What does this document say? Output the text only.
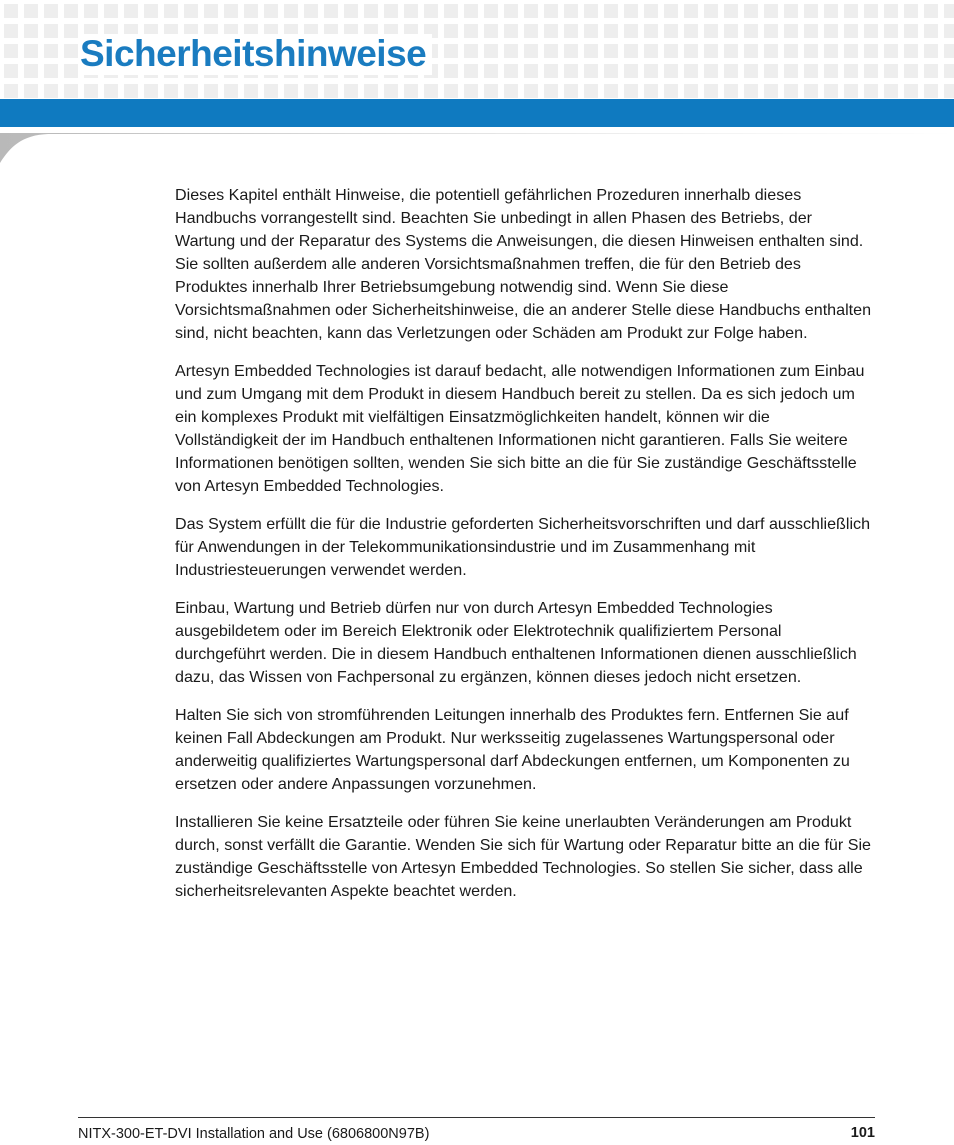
Sicherheitshinweise

Dieses Kapitel enthält Hinweise, die potentiell gefährlichen Prozeduren innerhalb dieses Handbuchs vorrangestellt sind. Beachten Sie unbedingt in allen Phasen des Betriebs, der Wartung und der Reparatur des Systems die Anweisungen, die diesen Hinweisen enthalten sind. Sie sollten außerdem alle anderen Vorsichtsmaßnahmen treffen, die für den Betrieb des Produktes innerhalb Ihrer Betriebsumgebung notwendig sind. Wenn Sie diese Vorsichtsmaßnahmen oder Sicherheitshinweise, die an anderer Stelle diese Handbuchs enthalten sind, nicht beachten, kann das Verletzungen oder Schäden am Produkt zur Folge haben.

Artesyn Embedded Technologies ist darauf bedacht, alle notwendigen Informationen zum Einbau und zum Umgang mit dem Produkt in diesem Handbuch bereit zu stellen. Da es sich jedoch um ein komplexes Produkt mit vielfältigen Einsatzmöglichkeiten handelt, können wir die Vollständigkeit der im Handbuch enthaltenen Informationen nicht garantieren. Falls Sie weitere Informationen benötigen sollten, wenden Sie sich bitte an die für Sie zuständige Geschäftsstelle von Artesyn Embedded Technologies.

Das System erfüllt die für die Industrie geforderten Sicherheitsvorschriften und darf ausschließlich für Anwendungen in der Telekommunikationsindustrie und im Zusammenhang mit Industriesteuerungen verwendet werden.

Einbau, Wartung und Betrieb dürfen nur von durch Artesyn Embedded Technologies ausgebildetem oder im Bereich Elektronik oder Elektrotechnik qualifiziertem Personal durchgeführt werden. Die in diesem Handbuch enthaltenen Informationen dienen ausschließlich dazu, das Wissen von Fachpersonal zu ergänzen, können dieses jedoch nicht ersetzen.

Halten Sie sich von stromführenden Leitungen innerhalb des Produktes fern. Entfernen Sie auf keinen Fall Abdeckungen am Produkt. Nur werksseitig zugelassenes Wartungspersonal oder anderweitig qualifiziertes Wartungspersonal darf Abdeckungen entfernen, um Komponenten zu ersetzen oder andere Anpassungen vorzunehmen.

Installieren Sie keine Ersatzteile oder führen Sie keine unerlaubten Veränderungen am Produkt durch, sonst verfällt die Garantie. Wenden Sie sich für Wartung oder Reparatur bitte an die für Sie zuständige Geschäftsstelle von Artesyn Embedded Technologies. So stellen Sie sicher, dass alle sicherheitsrelevanten Aspekte beachtet werden.

NITX-300-ET-DVI Installation and Use (6806800N97B)	101
